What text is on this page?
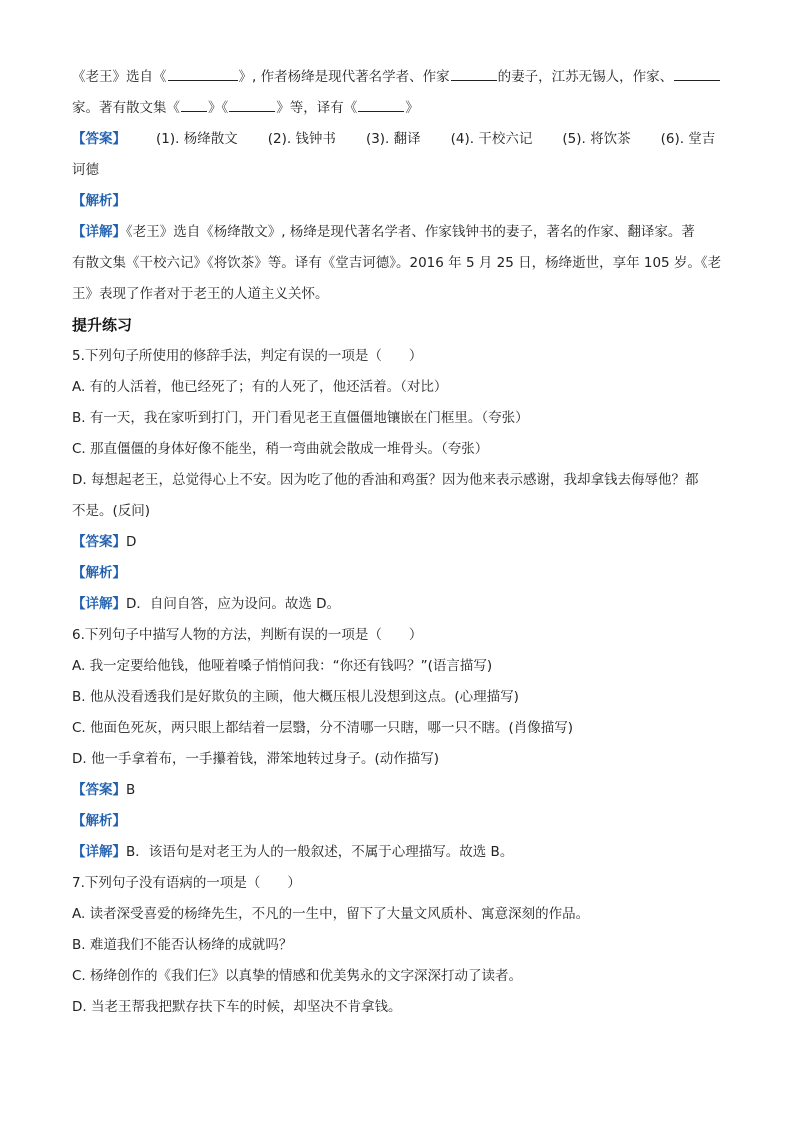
《老王》选自《	》, 作者杨绛是现代著名学者、作家	的妻子，江苏无锡人，作家、
家。著有散文集《 》《	》等，译有《	》
【答案】	(1). 杨绛散文 (2). 钱钟书 (3). 翻译 (4). 干校六记 (5). 将饮茶 (6). 堂吉
诃德
【解析】
【详解】《老王》选自《杨绛散文》, 杨绛是现代著名学者、作家钱钟书的妻子，著名的作家、翻译家。著
有散文集《干校六记》《将饮茶》等。译有《堂吉诃德》。2016 年 5 月 25 日，杨绛逝世，享年 105 岁。《老
王》表现了作者对于老王的人道主义关怀。
提升练习
5.下列句子所使用的修辞手法，判定有误的一项是（　　）
A. 有的人活着，他已经死了；有的人死了，他还活着。（对比）
B. 有一天，我在家听到打门，开门看见老王直僵僵地镶嵌在门框里。（夸张）
C. 那直僵僵的身体好像不能坐，稍一弯曲就会散成一堆骨头。（夸张）
D. 每想起老王，总觉得心上不安。因为吃了他的香油和鸡蛋？因为他来表示感谢，我却拿钱去侮辱他？都
不是。(反问)
【答案】D
【解析】
【详解】D．自问自答，应为设问。故选 D。
6.下列句子中描写人物的方法，判断有误的一项是（　　）
A. 我一定要给他钱，他哑着嗓子悄悄问我：“你还有钱吗？”(语言描写)
B. 他从没看透我们是好欺负的主顾，他大概压根儿没想到这点。(心理描写)
C. 他面色死灰，两只眼上都结着一层翳，分不清哪一只瞎，哪一只不瞎。(肖像描写)
D. 他一手拿着布，一手攥着钱，滞笨地转过身子。(动作描写)
【答案】B
【解析】
【详解】B．该语句是对老王为人的一般叙述，不属于心理描写。故选 B。
7.下列句子没有语病的一项是（　　）
A. 读者深受喜爱的杨绛先生，不凡的一生中，留下了大量文风质朴、寓意深刻的作品。
B. 难道我们不能否认杨绛的成就吗？
C. 杨绛创作的《我们仨》以真挚的情感和优美隽永的文字深深打动了读者。
D. 当老王帮我把默存扶下车的时候，却坚决不肯拿钱。
